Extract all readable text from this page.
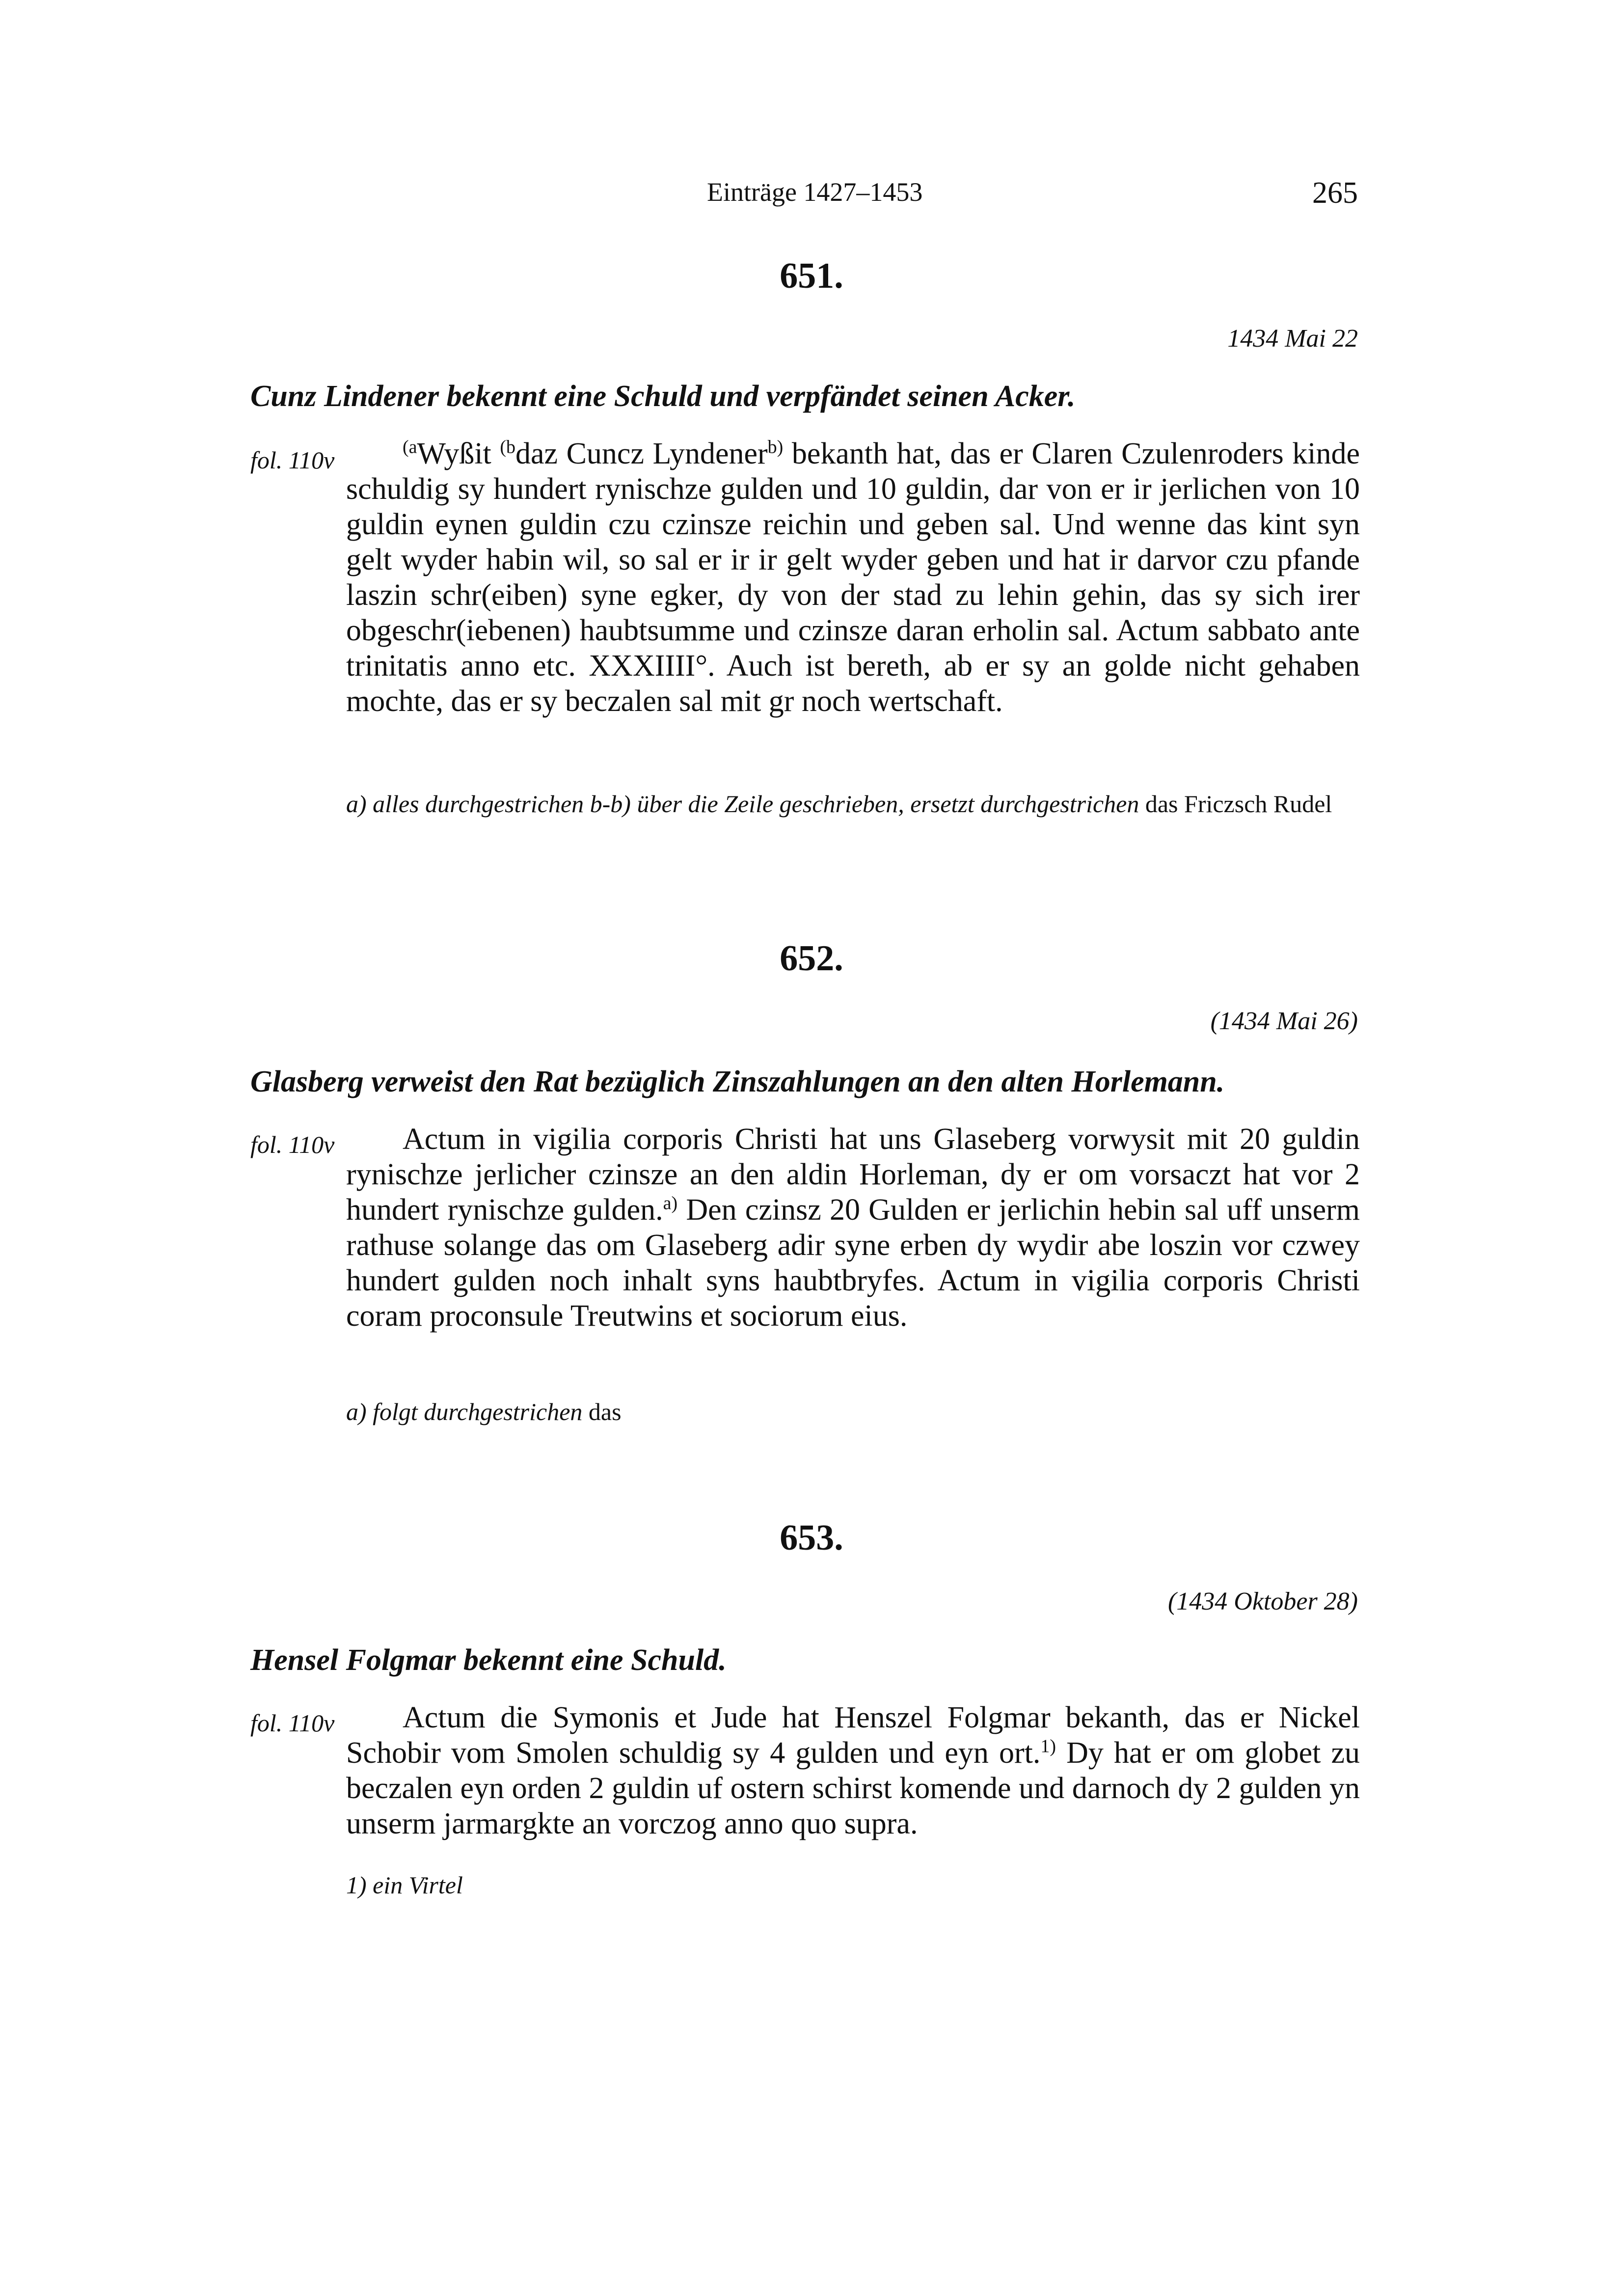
Einträge 1427–1453	265
651.
1434 Mai 22
Cunz Lindener bekennt eine Schuld und verpfändet seinen Acker.
fol. 110v	$^{(a}$Wyßit $^{(b}$daz Cuncz Lyndener$^{b)}$ bekanth hat, das er Claren Czulenroders kinde schuldig sy hundert rynischze gulden und 10 guldin, dar von er ir jerlichen von 10 guldin eynen guldin czu czinsze reichin und geben sal. Und wenne das kint syn gelt wyder habin wil, so sal er ir ir gelt wyder geben und hat ir darvor czu pfande laszin schr(eiben) syne egker, dy von der stad zu lehin gehin, das sy sich irer obgeschr(iebenen) haubtsumme und czinsze daran erholin sal. Actum sabbato ante trinitatis anno etc. XXXIIII°. Auch ist bereth, ab er sy an golde nicht gehaben mochte, das er sy beczalen sal mit gr noch wertschaft.
a) alles durchgestrichen b-b) über die Zeile geschrieben, ersetzt durchgestrichen das Friczsch Rudel
652.
(1434 Mai 26)
Glasberg verweist den Rat bezüglich Zinszahlungen an den alten Horlemann.
fol. 110v	Actum in vigilia corporis Christi hat uns Glaseberg vorwysit mit 20 guldin rynischze jerlicher czinsze an den aldin Horleman, dy er om vorsaczt hat vor 2 hundert rynischze gulden.$^{a)}$ Den czinsz 20 Gulden er jerlichin hebin sal uff unserm rathuse solange das om Glaseberg adir syne erben dy wydir abe loszin vor czwey hundert gulden noch inhalt syns haubtbryfes. Actum in vigilia corporis Christi coram proconsule Treutwins et sociorum eius.
a) folgt durchgestrichen das
653.
(1434 Oktober 28)
Hensel Folgmar bekennt eine Schuld.
fol. 110v	Actum die Symonis et Jude hat Henszel Folgmar bekanth, das er Nickel Schobir vom Smolen schuldig sy 4 gulden und eyn ort.$^{1)}$ Dy hat er om globet zu beczalen eyn orden 2 guldin uf ostern schirst komende und darnoch dy 2 gulden yn unserm jarmargkte an vorczog anno quo supra.
1) ein Virtel
